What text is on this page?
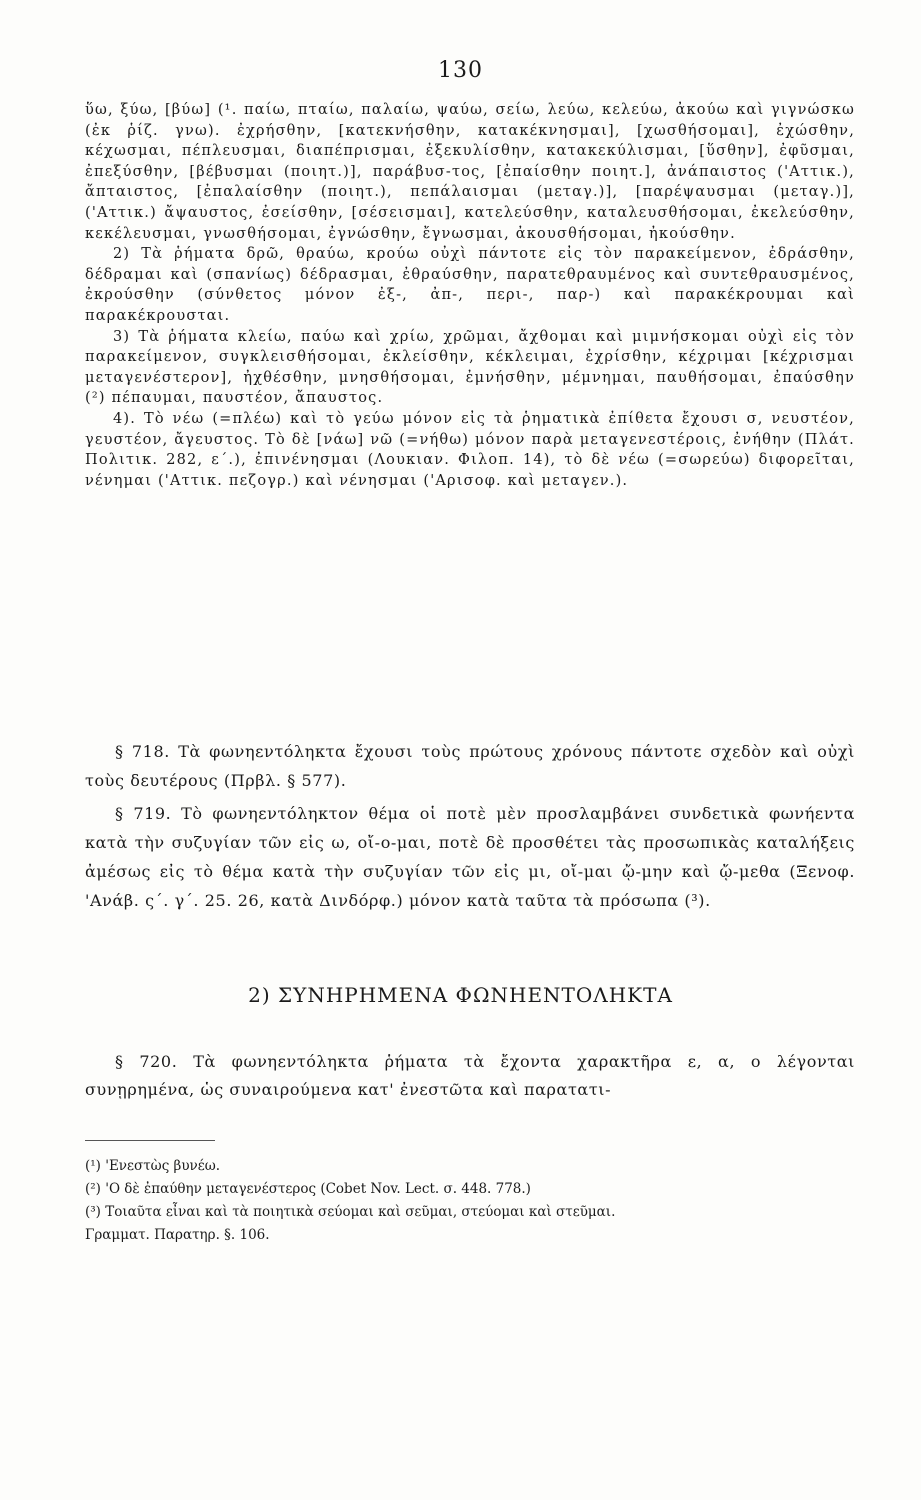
130

ὕω, ξύω, [βύω] (¹. παίω, πταίω, παλαίω, ψαύω, σείω, λεύω, κελεύω, ἀκούω καὶ γιγνώσκω (ἐκ ῥίζ. γνω). ἐχρήσθην, [κατεκνήσθην, κατακέκνησμαι], [χωσθήσομαι], ἐχώσθην, κέχωσμαι, πέπλευσμαι, διαπέπρισμαι, ἐξεκυλίσθην, κατακεκύλισμαι, [ὕσθην], ἐφῦσμαι, ἐπεξύσθην, [βέβυσμαι (ποιητ.)], παράβυσ-τος, [ἐπαίσθην ποιητ.], ἀνάπαιστος ('Αττικ.), ἄπταιστος, [ἐπαλαίσθην (ποιητ.), πεπάλαισμαι (μεταγ.)], [παρέψαυσμαι (μεταγ.)], ('Αττικ.) ἄψαυστος, ἐσείσθην, [σέσεισμαι], κατελεύσθην, καταλευσθήσομαι, ἐκελεύσθην, κεκέλευσμαι, γνωσθήσομαι, ἐγνώσθην, ἔγνωσμαι, ἀκουσθήσομαι, ἠκούσθην.

2) Τὰ ῥήματα δρῶ, θραύω, κρούω οὐχὶ πάντοτε εἰς τὸν παρακείμενον, ἐδράσθην, δέδραμαι καὶ (σπανίως) δέδρασμαι, ἐθραύσθην, παρατεθραυμένος καὶ συντεθραυσμένος, ἐκρούσθην (σύνθετος μόνον ἐξ-, ἀπ-, περι-, παρ-) καὶ παρακέκρουμαι καὶ παρακέκρουσται.

3) Τὰ ῥήματα κλείω, παύω καὶ χρίω, χρῶμαι, ἄχθομαι καὶ μιμνήσκομαι οὐχὶ εἰς τὸν παρακείμενον, συγκλεισθήσομαι, ἐκλείσθην, κέκλειμαι, ἐχρίσθην, κέχριμαι [κέχρισμαι μεταγενέστερον], ἠχθέσθην, μνησθήσομαι, ἐμνήσθην, μέμνημαι, παυθήσομαι, ἐπαύσθην (²) πέπαυμαι, παυστέον, ἄπαυστος.

4). Τὸ νέω (=πλέω) καὶ τὸ γεύω μόνον εἰς τὰ ῥηματικὰ ἐπίθετα ἔχουσι σ, νευστέον, γευστέον, ἄγευστος. Τὸ δὲ [νάω] νῶ (=νήθω) μόνον παρὰ μεταγενεστέροις, ἐνήθην (Πλάτ. Πολιτικ. 282, ε΄.), ἐπινένησμαι (Λουκιαν. Φιλοπ. 14), τὸ δὲ νέω (=σωρεύω) διφορεῖται, νένημαι ('Αττικ. πεζογρ.) καὶ νένησμαι ('Αρισοφ. καὶ μεταγεν.).

§ 718. Τὰ φωνηεντόληκτα ἔχουσι τοὺς πρώτους χρόνους πάντοτε σχεδὸν καὶ οὐχὶ τοὺς δευτέρους (Πρβλ. § 577).

§ 719. Τὸ φωνηεντόληκτον θέμα οἱ ποτὲ μὲν προσλαμβάνει συνδετικὰ φωνήεντα κατὰ τὴν συζυγίαν τῶν εἰς ω, οἴ-ο-μαι, ποτὲ δὲ προσθέτει τὰς προσωπικὰς καταλήξεις ἀμέσως εἰς τὸ θέμα κατὰ τὴν συζυγίαν τῶν εἰς μι, οἴ-μαι ᾤ-μην καὶ ᾤ-μεθα (Ξενοφ. 'Ανάβ. ς΄. γ΄. 25. 26, κατὰ Δινδόρφ.) μόνον κατὰ ταῦτα τὰ πρόσωπα (³).

2) ΣΥΝΗΡΗΜΕΝΑ ΦΩΝΗΕΝΤΟΛΗΚΤΑ

§ 720. Τὰ φωνηεντόληκτα ῥήματα τὰ ἔχοντα χαρακτῆρα ε, α, ο λέγονται συνῃρημένα, ὡς συναιρούμενα κατ' ἐνεστῶτα καὶ παρατατι-

(¹) 'Ενεστὼς βυνέω.

(²) 'Ο δὲ ἐπαύθην μεταγενέστερος (Cobet Nov. Lect. σ. 448. 778.)

(³) Τοιαῦτα εἶναι καὶ τὰ ποιητικὰ σεύομαι καὶ σεῦμαι, στεύομαι καὶ στεῦμαι.

Γραμματ. Παρατηρ. §. 106.
